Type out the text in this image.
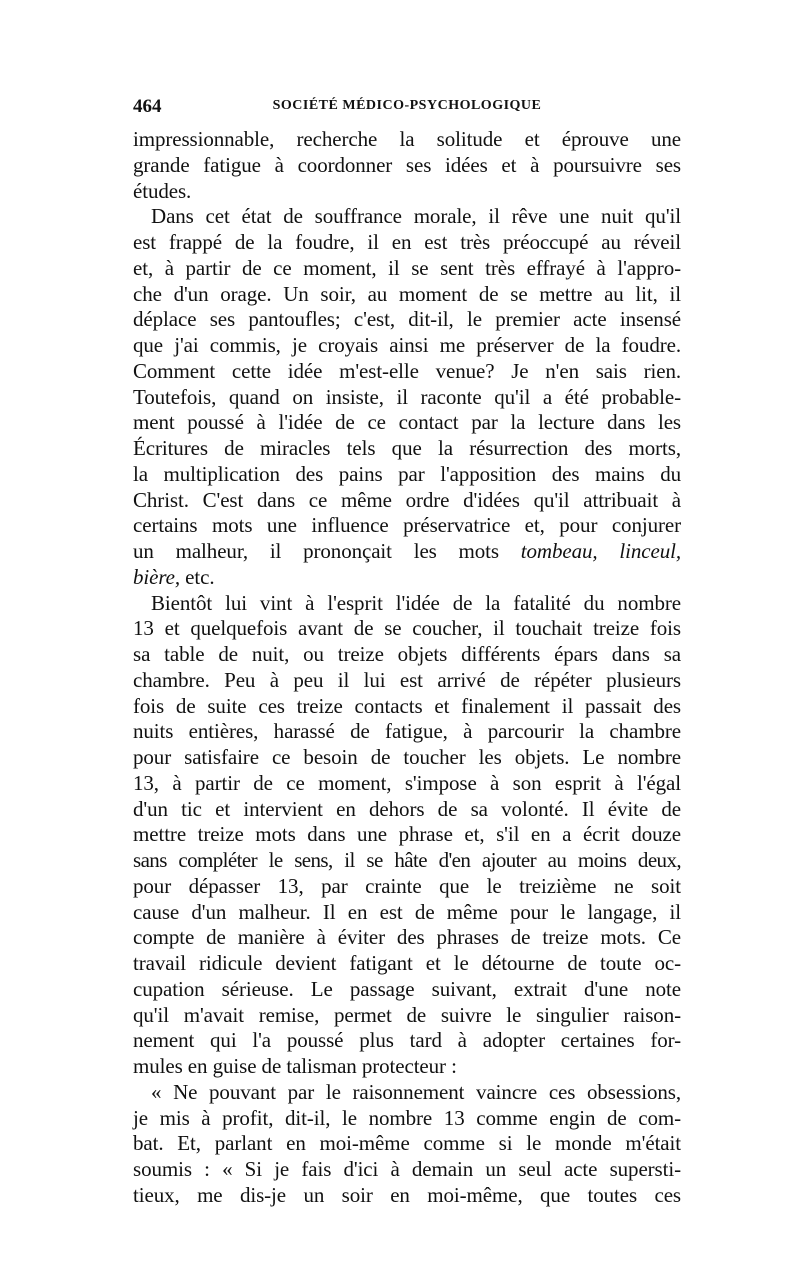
464	SOCIÉTÉ MÉDICO-PSYCHOLOGIQUE
impressionnable, recherche la solitude et éprouve une
grande fatigue à coordonner ses idées et à poursuivre ses
études.
Dans cet état de souffrance morale, il rêve une nuit qu'il
est frappé de la foudre, il en est très préoccupé au réveil
et, à partir de ce moment, il se sent très effrayé à l'appro-
che d'un orage. Un soir, au moment de se mettre au lit, il
déplace ses pantoufles; c'est, dit-il, le premier acte insensé
que j'ai commis, je croyais ainsi me préserver de la foudre.
Comment cette idée m'est-elle venue? Je n'en sais rien.
Toutefois, quand on insiste, il raconte qu'il a été probable-
ment poussé à l'idée de ce contact par la lecture dans les
Écritures de miracles tels que la résurrection des morts,
la multiplication des pains par l'apposition des mains du
Christ. C'est dans ce même ordre d'idées qu'il attribuait à
certains mots une influence préservatrice et, pour conjurer
un malheur, il prononçait les mots tombeau, linceul,
bière, etc.
Bientôt lui vint à l'esprit l'idée de la fatalité du nombre
13 et quelquefois avant de se coucher, il touchait treize fois
sa table de nuit, ou treize objets différents épars dans sa
chambre. Peu à peu il lui est arrivé de répéter plusieurs
fois de suite ces treize contacts et finalement il passait des
nuits entières, harassé de fatigue, à parcourir la chambre
pour satisfaire ce besoin de toucher les objets. Le nombre
13, à partir de ce moment, s'impose à son esprit à l'égal
d'un tic et intervient en dehors de sa volonté. Il évite de
mettre treize mots dans une phrase et, s'il en a écrit douze
sans compléter le sens, il se hâte d'en ajouter au moins deux,
pour dépasser 13, par crainte que le treizième ne soit
cause d'un malheur. Il en est de même pour le langage, il
compte de manière à éviter des phrases de treize mots. Ce
travail ridicule devient fatigant et le détourne de toute oc-
cupation sérieuse. Le passage suivant, extrait d'une note
qu'il m'avait remise, permet de suivre le singulier raison-
nement qui l'a poussé plus tard à adopter certaines for-
mules en guise de talisman protecteur :
« Ne pouvant par le raisonnement vaincre ces obsessions,
je mis à profit, dit-il, le nombre 13 comme engin de com-
bat. Et, parlant en moi-même comme si le monde m'était
soumis : « Si je fais d'ici à demain un seul acte supersti-
tieux, me dis-je un soir en moi-même, que toutes ces
